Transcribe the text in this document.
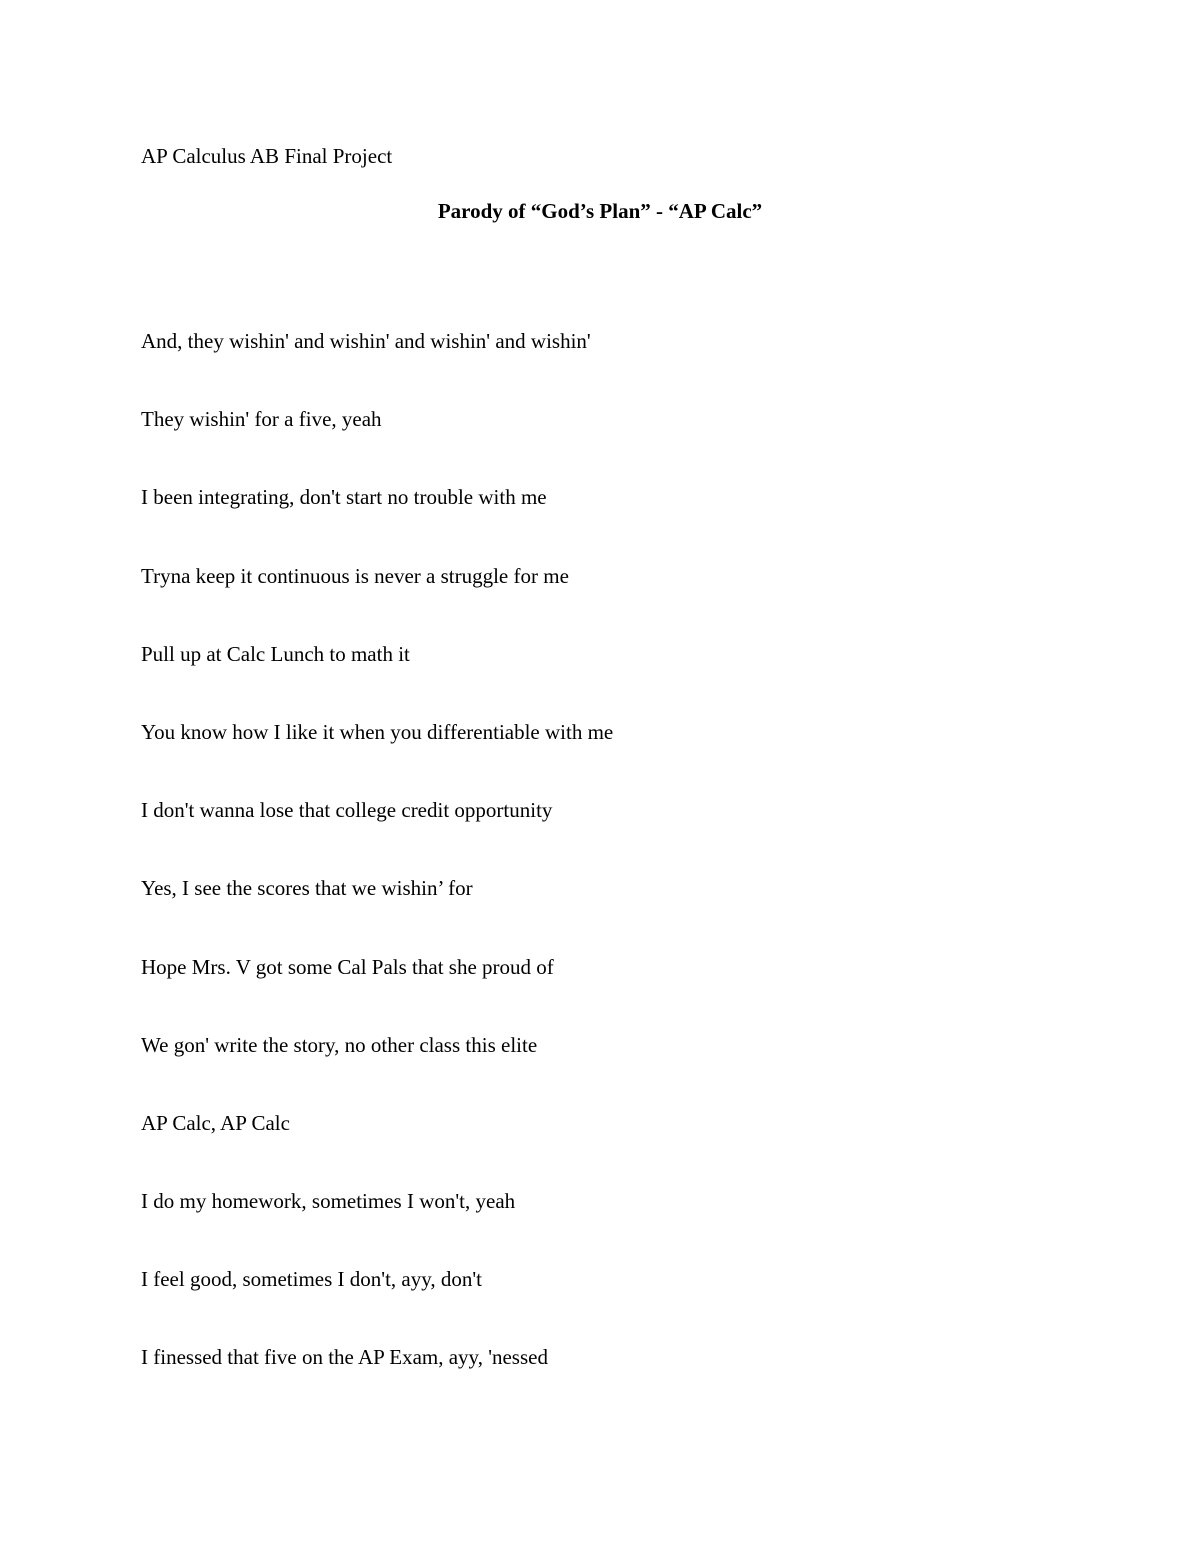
AP Calculus AB Final Project
Parody of “God’s Plan” - “AP Calc”
And, they wishin' and wishin' and wishin' and wishin'
They wishin' for a five, yeah
I been integrating, don't start no trouble with me
Tryna keep it continuous is never a struggle for me
Pull up at Calc Lunch to math it
You know how I like it when you differentiable with me
I don't wanna lose that college credit opportunity
Yes, I see the scores that we wishin’ for
Hope Mrs. V got some Cal Pals that she proud of
We gon' write the story, no other class this elite
AP Calc, AP Calc
I do my homework, sometimes I won't, yeah
I feel good, sometimes I don't, ayy, don't
I finessed that five on the AP Exam, ayy, 'nessed
